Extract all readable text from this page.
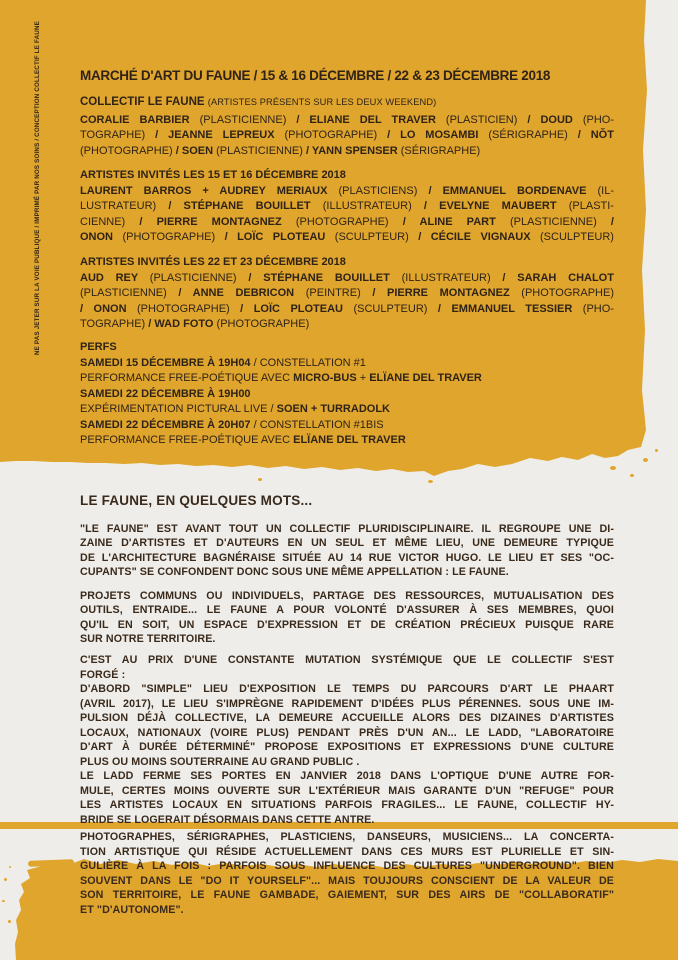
NE PAS JETER SUR LA VOIE PUBLIQUE / IMPRIMÉ PAR NOS SOINS / CONCEPTION COLLECTIF LE FAUNE	MARCHÉ D'ART DU FAUNE / 15 & 16 DÉCEMBRE / 22 & 23 DÉCEMBRE 2018
COLLECTIF LE FAUNE (ARTISTES PRÉSENTS SUR LES DEUX WEEKEND)
CORALIE BARBIER (PLASTICIENNE) / ELIANE DEL TRAVER (PLASTICIEN) / DOUD (PHO-
TOGRAPHE) / JEANNE LEPREUX (PHOTOGRAPHE) / LO MOSAMBI (SÉRIGRAPHE) / NŎT
(PHOTOGRAPHE) / SOEN (PLASTICIENNE) / YANN SPENSER (SÉRIGRAPHE)
ARTISTES INVITÉS LES 15 ET 16 DÉCEMBRE 2018
LAURENT BARROS + AUDREY MERIAUX (PLASTICIENS) / EMMANUEL BORDENAVE (IL-
LUSTRATEUR) / STÉPHANE BOUILLET (ILLUSTRATEUR) / EVELYNE MAUBERT (PLASTI-
CIENNE) / PIERRE MONTAGNEZ (PHOTOGRAPHE) / ALINE PART (PLASTICIENNE) /
ONON (PHOTOGRAPHE) / LOÏC PLOTEAU (SCULPTEUR) / CÉCILE VIGNAUX (SCULPTEUR)
ARTISTES INVITÉS LES 22 ET 23 DÉCEMBRE 2018
AUD REY (PLASTICIENNE) / STÉPHANE BOUILLET (ILLUSTRATEUR) / SARAH CHALOT
(PLASTICIENNE) / ANNE DEBRICON (PEINTRE) / PIERRE MONTAGNEZ (PHOTOGRAPHE)
/ ONON (PHOTOGRAPHE) / LOÏC PLOTEAU (SCULPTEUR) / EMMANUEL TESSIER (PHO-
TOGRAPHE) / WAD FOTO (PHOTOGRAPHE)
PERFS
SAMEDI 15 DÉCEMBRE À 19H04 / CONSTELLATION #1
PERFORMANCE FREE-POÉTIQUE AVEC MICRO-BUS + ELÏANE DEL TRAVER
SAMEDI 22 DÉCEMBRE À 19H00
EXPÉRIMENTATION PICTURAL LIVE / SOEN + TURRADOLK
SAMEDI 22 DÉCEMBRE À 20H07 / CONSTELLATION #1BIS
PERFORMANCE FREE-POÉTIQUE AVEC ELÏANE DEL TRAVER
LE FAUNE, EN QUELQUES MOTS...
"LE FAUNE" EST AVANT TOUT UN COLLECTIF PLURIDISCIPLINAIRE. IL REGROUPE UNE DI-
ZAINE D'ARTISTES ET D'AUTEURS EN UN SEUL ET MÊME LIEU, UNE DEMEURE TYPIQUE
DE L'ARCHITECTURE BAGNÉRAISE SITUÉE AU 14 RUE VICTOR HUGO. LE LIEU ET SES "OC-
CUPANTS" SE CONFONDENT DONC SOUS UNE MÊME APPELLATION : LE FAUNE.
PROJETS COMMUNS OU INDIVIDUELS, PARTAGE DES RESSOURCES, MUTUALISATION DES
OUTILS, ENTRAIDE... LE FAUNE A POUR VOLONTÉ D'ASSURER À SES MEMBRES, QUOI
QU'IL EN SOIT, UN ESPACE D'EXPRESSION ET DE CRÉATION PRÉCIEUX PUISQUE RARE
SUR NOTRE TERRITOIRE.
C'EST AU PRIX D'UNE CONSTANTE MUTATION SYSTÉMIQUE QUE LE COLLECTIF S'EST
FORGÉ :
D'ABORD "SIMPLE" LIEU D'EXPOSITION LE TEMPS DU PARCOURS D'ART LE PHAART
(AVRIL 2017), LE LIEU S'IMPRÈGNE RAPIDEMENT D'IDÉES PLUS PÉRENNES. SOUS UNE IM-
PULSION DÉJÀ COLLECTIVE, LA DEMEURE ACCUEILLE ALORS DES DIZAINES D'ARTISTES
LOCAUX, NATIONAUX (VOIRE PLUS) PENDANT PRÈS D'UN AN... LE LADD, "LABORATOIRE
D'ART À DURÉE DÉTERMINÉ" PROPOSE EXPOSITIONS ET EXPRESSIONS D'UNE CULTURE
PLUS OU MOINS SOUTERRAINE AU GRAND PUBLIC .
LE LADD FERME SES PORTES EN JANVIER 2018 DANS L'OPTIQUE D'UNE AUTRE FOR-
MULE, CERTES MOINS OUVERTE SUR L'EXTÉRIEUR MAIS GARANTE D'UN "REFUGE" POUR
LES ARTISTES LOCAUX EN SITUATIONS PARFOIS FRAGILES... LE FAUNE, COLLECTIF HY-
BRIDE SE LOGERAIT DÉSORMAIS DANS CETTE ANTRE.
PHOTOGRAPHES, SÉRIGRAPHES, PLASTICIENS, DANSEURS, MUSICIENS... LA CONCERTA-
TION ARTISTIQUE QUI RÉSIDE ACTUELLEMENT DANS CES MURS EST PLURIELLE ET SIN-
GULIÈRE À LA FOIS : PARFOIS SOUS INFLUENCE DES CULTURES "UNDERGROUND". BIEN
SOUVENT DANS LE "DO IT YOURSELF"... MAIS TOUJOURS CONSCIENT DE LA VALEUR DE
SON TERRITOIRE, LE FAUNE GAMBADE, GAIEMENT, SUR DES AIRS DE "COLLABORATIF"
ET "D'AUTONOME".
